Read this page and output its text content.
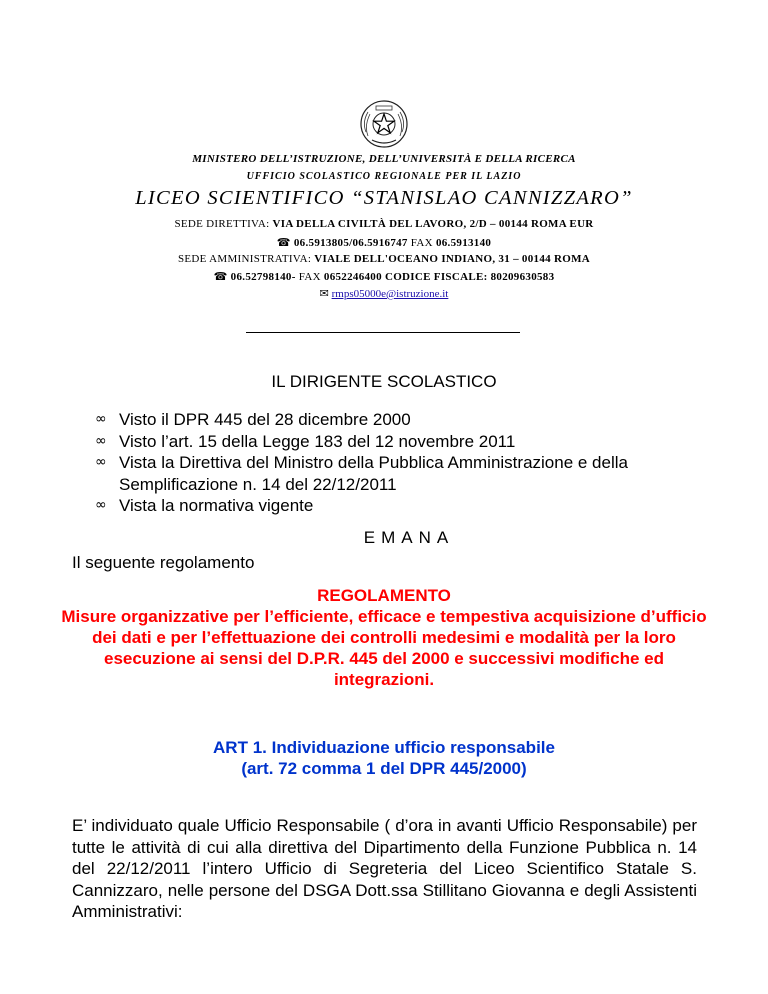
MINISTERO DELL’ISTRUZIONE, DELL’UNIVERSITÀ E DELLA RICERCA
UFFICIO SCOLASTICO REGIONALE PER IL LAZIO
LICEO SCIENTIFICO “STANISLAO CANNIZZARO”
SEDE DIRETTIVA: VIA DELLA CIVILTÀ DEL LAVORO, 2/D – 00144 ROMA EUR
☎ 06.5913805/06.5916747 FAX 06.5913140
SEDE AMMINISTRATIVA: VIALE DELL'OCEANO INDIANO, 31 – 00144 ROMA
☎ 06.52798140- FAX 0652246400 CODICE FISCALE: 80209630583
✉ rmps05000e@istruzione.it
IL DIRIGENTE SCOLASTICO
∞ Visto il DPR 445 del 28 dicembre 2000
∞ Visto l’art. 15 della Legge 183 del 12 novembre 2011
∞ Vista la Direttiva del Ministro della Pubblica Amministrazione e della Semplificazione n. 14 del 22/12/2011
∞ Vista la normativa vigente
EMANA
Il seguente regolamento
REGOLAMENTO
Misure organizzative per l’efficiente, efficace e tempestiva acquisizione d’ufficio dei dati e per l’effettuazione dei controlli medesimi e modalità per la loro esecuzione ai sensi del D.P.R. 445 del 2000 e successivi modifiche ed integrazioni.
ART 1. Individuazione ufficio responsabile
(art. 72 comma 1 del DPR 445/2000)
E’ individuato quale Ufficio Responsabile ( d’ora in avanti Ufficio Responsabile) per tutte le attività di cui alla direttiva del Dipartimento della Funzione Pubblica n. 14 del 22/12/2011 l’intero Ufficio di Segreteria del Liceo Scientifico Statale S. Cannizzaro, nelle persone del DSGA Dott.ssa Stillitano Giovanna e degli Assistenti Amministrativi:
